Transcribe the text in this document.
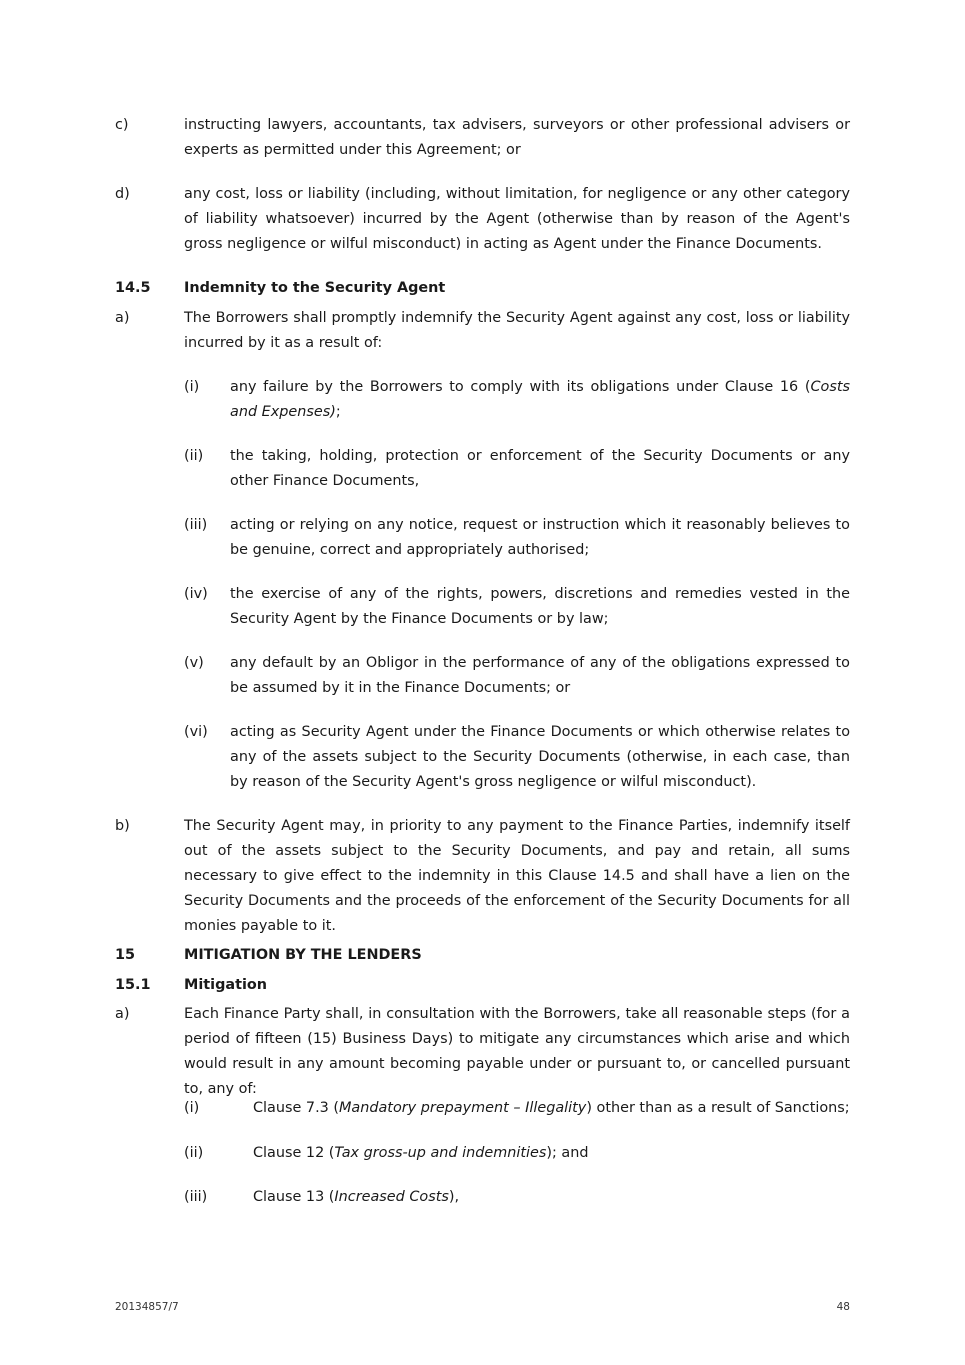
c)	instructing lawyers, accountants, tax advisers, surveyors or other professional advisers or experts as permitted under this Agreement; or
d)	any cost, loss or liability (including, without limitation, for negligence or any other category of liability whatsoever) incurred by the Agent (otherwise than by reason of the Agent's gross negligence or wilful misconduct) in acting as Agent under the Finance Documents.
14.5 Indemnity to the Security Agent
a)	The Borrowers shall promptly indemnify the Security Agent against any cost, loss or liability incurred by it as a result of:
(i) any failure by the Borrowers to comply with its obligations under Clause 16 (Costs and Expenses);
(ii) the taking, holding, protection or enforcement of the Security Documents or any other Finance Documents,
(iii) acting or relying on any notice, request or instruction which it reasonably believes to be genuine, correct and appropriately authorised;
(iv) the exercise of any of the rights, powers, discretions and remedies vested in the Security Agent by the Finance Documents or by law;
(v) any default by an Obligor in the performance of any of the obligations expressed to be assumed by it in the Finance Documents; or
(vi) acting as Security Agent under the Finance Documents or which otherwise relates to any of the assets subject to the Security Documents (otherwise, in each case, than by reason of the Security Agent's gross negligence or wilful misconduct).
b)	The Security Agent may, in priority to any payment to the Finance Parties, indemnify itself out of the assets subject to the Security Documents, and pay and retain, all sums necessary to give effect to the indemnity in this Clause 14.5 and shall have a lien on the Security Documents and the proceeds of the enforcement of the Security Documents for all monies payable to it.
15	MITIGATION BY THE LENDERS
15.1 Mitigation
a)	Each Finance Party shall, in consultation with the Borrowers, take all reasonable steps (for a period of fifteen (15) Business Days) to mitigate any circumstances which arise and which would result in any amount becoming payable under or pursuant to, or cancelled pursuant to, any of:
(i)	Clause 7.3 (Mandatory prepayment – Illegality) other than as a result of Sanctions;
(ii)	Clause 12 (Tax gross-up and indemnities); and
(iii)	Clause 13 (Increased Costs),
20134857/7	48
